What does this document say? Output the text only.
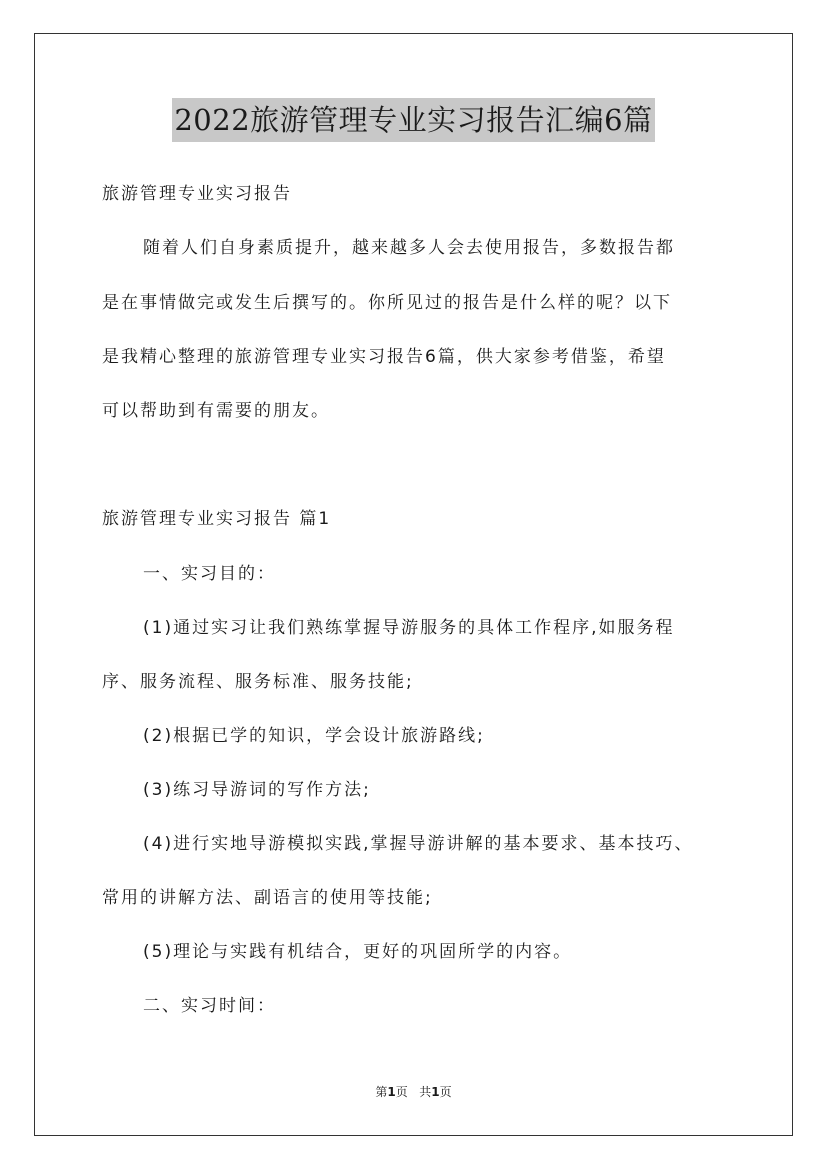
2022旅游管理专业实习报告汇编6篇
旅游管理专业实习报告
随着人们自身素质提升，越来越多人会去使用报告，多数报告都
是在事情做完或发生后撰写的。你所见过的报告是什么样的呢？以下
是我精心整理的旅游管理专业实习报告6篇，供大家参考借鉴，希望
可以帮助到有需要的朋友。
旅游管理专业实习报告 篇1
一、实习目的：
(1)通过实习让我们熟练掌握导游服务的具体工作程序,如服务程
序、服务流程、服务标准、服务技能;
(2)根据已学的知识，学会设计旅游路线;
(3)练习导游词的写作方法;
(4)进行实地导游模拟实践,掌握导游讲解的基本要求、基本技巧、
常用的讲解方法、副语言的使用等技能;
(5)理论与实践有机结合，更好的巩固所学的内容。
二、实习时间：
第1页 共1页
